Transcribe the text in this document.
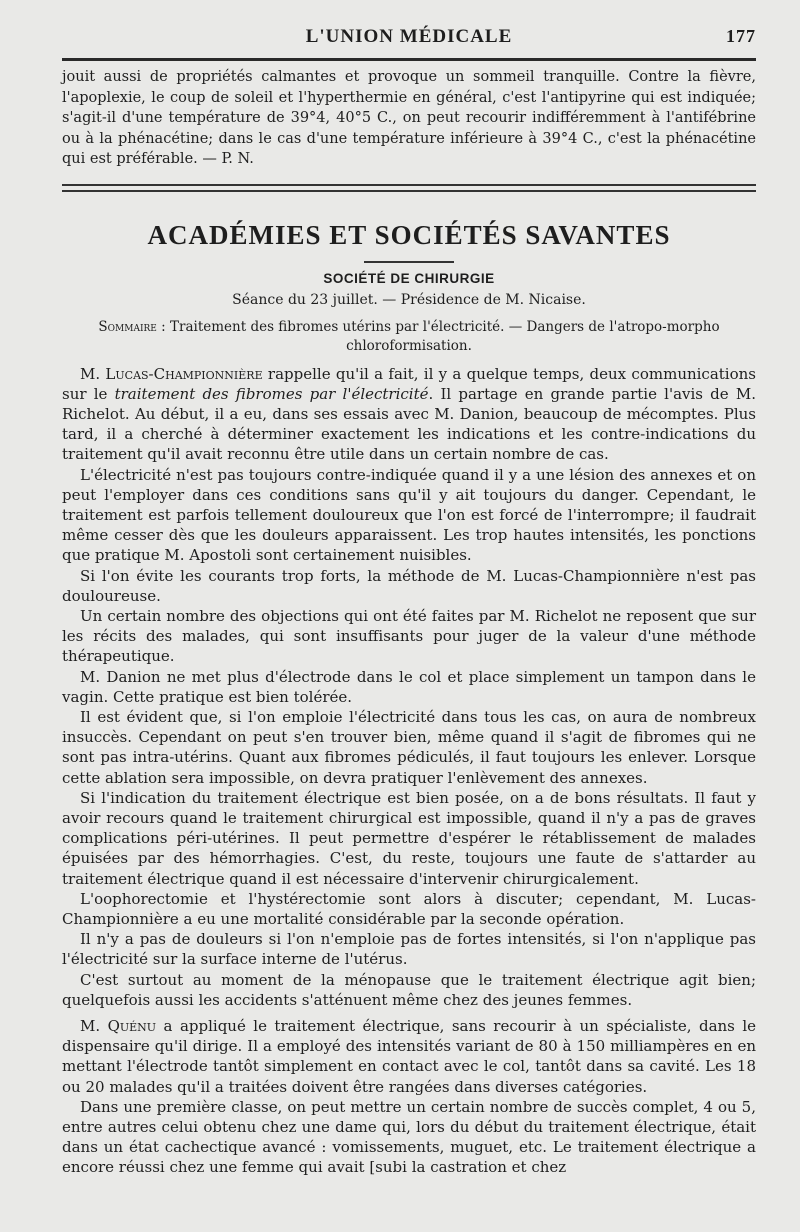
L'UNION MÉDICALE	177

jouit aussi de propriétés calmantes et provoque un sommeil tranquille. Contre la fièvre, l'apoplexie, le coup de soleil et l'hyperthermie en général, c'est l'antipyrine qui est indiquée; s'agit-il d'une température de 39°4, 40°5 C., on peut recourir indifféremment à l'antifébrine ou à la phénacétine; dans le cas d'une température inférieure à 39°4 C., c'est la phénacétine qui est préférable. — P. N.

ACADÉMIES ET SOCIÉTÉS SAVANTES
SOCIÉTÉ DE CHIRURGIE
Séance du 23 juillet. — Présidence de M. Nicaise.
Sommaire : Traitement des fibromes utérins par l'électricité. — Dangers de l'atropo-morpho chloroformisation.

M. Lucas-Championnière rappelle qu'il a fait, il y a quelque temps, deux communications sur le traitement des fibromes par l'électricité. Il partage en grande partie l'avis de M. Richelot. Au début, il a eu, dans ses essais avec M. Danion, beaucoup de mécomptes. Plus tard, il a cherché à déterminer exactement les indications et les contre-indications du traitement qu'il avait reconnu être utile dans un certain nombre de cas.

L'électricité n'est pas toujours contre-indiquée quand il y a une lésion des annexes et on peut l'employer dans ces conditions sans qu'il y ait toujours du danger. Cependant, le traitement est parfois tellement douloureux que l'on est forcé de l'interrompre; il faudrait même cesser dès que les douleurs apparaissent. Les trop hautes intensités, les ponctions que pratique M. Apostoli sont certainement nuisibles.

Si l'on évite les courants trop forts, la méthode de M. Lucas-Championnière n'est pas douloureuse.

Un certain nombre des objections qui ont été faites par M. Richelot ne reposent que sur les récits des malades, qui sont insuffisants pour juger de la valeur d'une méthode thérapeutique.

M. Danion ne met plus d'électrode dans le col et place simplement un tampon dans le vagin. Cette pratique est bien tolérée.

Il est évident que, si l'on emploie l'électricité dans tous les cas, on aura de nombreux insuccès. Cependant on peut s'en trouver bien, même quand il s'agit de fibromes qui ne sont pas intra-utérins. Quant aux fibromes pédiculés, il faut toujours les enlever. Lorsque cette ablation sera impossible, on devra pratiquer l'enlèvement des annexes.

Si l'indication du traitement électrique est bien posée, on a de bons résultats. Il faut y avoir recours quand le traitement chirurgical est impossible, quand il n'y a pas de graves complications péri-utérines. Il peut permettre d'espérer le rétablissement de malades épuisées par des hémorrhagies. C'est, du reste, toujours une faute de s'attarder au traitement électrique quand il est nécessaire d'intervenir chirurgicalement.

L'oophorectomie et l'hystérectomie sont alors à discuter; cependant, M. Lucas-Championnière a eu une mortalité considérable par la seconde opération.

Il n'y a pas de douleurs si l'on n'emploie pas de fortes intensités, si l'on n'applique pas l'électricité sur la surface interne de l'utérus.

C'est surtout au moment de la ménopause que le traitement électrique agit bien; quelquefois aussi les accidents s'atténuent même chez des jeunes femmes.

M. Quénu a appliqué le traitement électrique, sans recourir à un spécialiste, dans le dispensaire qu'il dirige. Il a employé des intensités variant de 80 à 150 milliampères en en mettant l'électrode tantôt simplement en contact avec le col, tantôt dans sa cavité. Les 18 ou 20 malades qu'il a traitées doivent être rangées dans diverses catégories.

Dans une première classe, on peut mettre un certain nombre de succès complet, 4 ou 5, entre autres celui obtenu chez une dame qui, lors du début du traitement électrique, était dans un état cachectique avancé : vomissements, muguet, etc. Le traitement électrique a encore réussi chez une femme qui avait [subi la castration et chez
